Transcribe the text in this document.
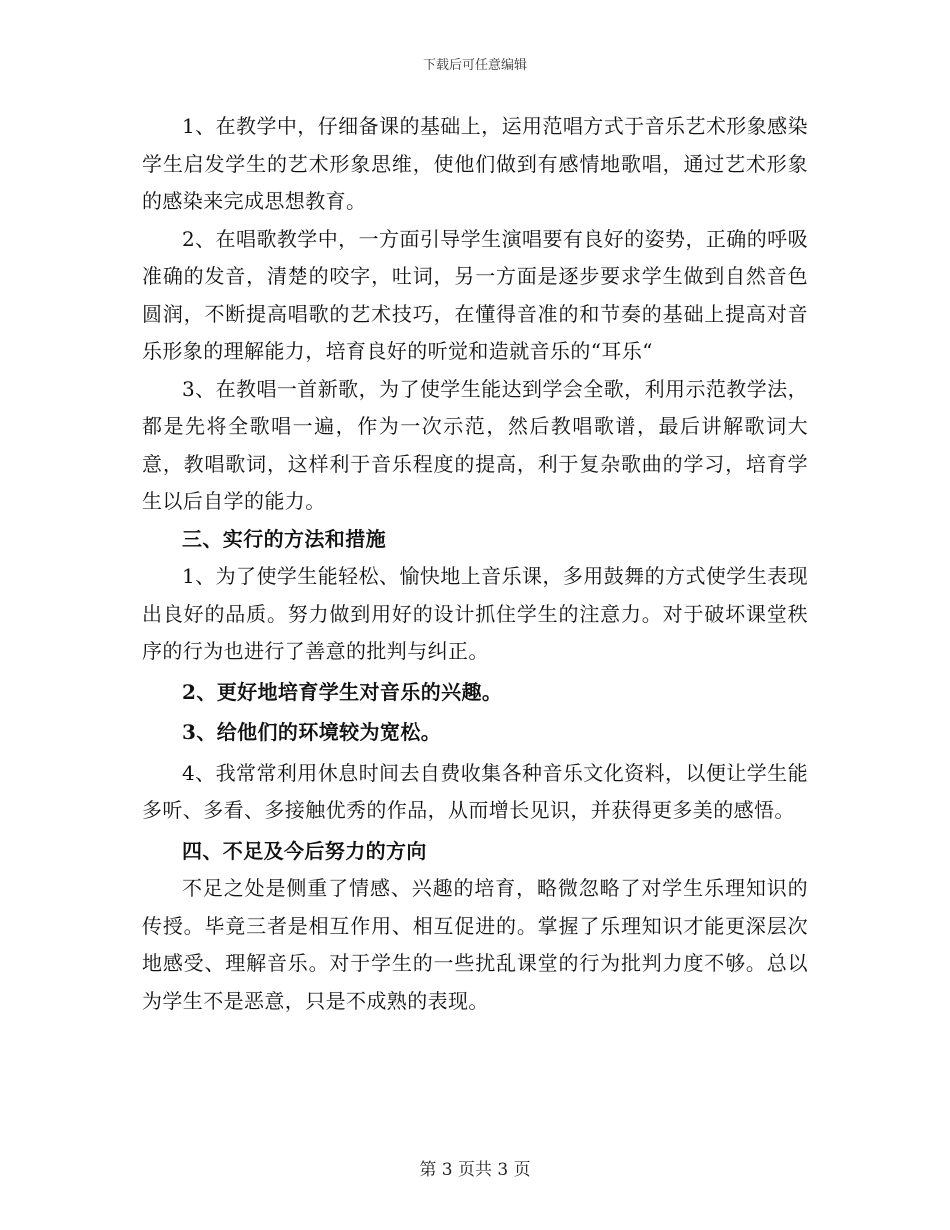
下载后可任意编辑

1、在教学中，仔细备课的基础上，运用范唱方式于音乐艺术形象感染学生启发学生的艺术形象思维，使他们做到有感情地歌唱，通过艺术形象的感染来完成思想教育。

2、在唱歌教学中，一方面引导学生演唱要有良好的姿势，正确的呼吸准确的发音，清楚的咬字，吐词，另一方面是逐步要求学生做到自然音色圆润，不断提高唱歌的艺术技巧，在懂得音准的和节奏的基础上提高对音乐形象的理解能力，培育良好的听觉和造就音乐的“耳乐“

3、在教唱一首新歌，为了使学生能达到学会全歌，利用示范教学法，都是先将全歌唱一遍，作为一次示范，然后教唱歌谱，最后讲解歌词大意，教唱歌词，这样利于音乐程度的提高，利于复杂歌曲的学习，培育学生以后自学的能力。

三、实行的方法和措施

1、为了使学生能轻松、愉快地上音乐课，多用鼓舞的方式使学生表现出良好的品质。努力做到用好的设计抓住学生的注意力。对于破坏课堂秩序的行为也进行了善意的批判与纠正。

2、更好地培育学生对音乐的兴趣。

3、给他们的环境较为宽松。

4、我常常利用休息时间去自费收集各种音乐文化资料，以便让学生能多听、多看、多接触优秀的作品，从而增长见识，并获得更多美的感悟。

四、不足及今后努力的方向

不足之处是侧重了情感、兴趣的培育，略微忽略了对学生乐理知识的传授。毕竟三者是相互作用、相互促进的。掌握了乐理知识才能更深层次地感受、理解音乐。对于学生的一些扰乱课堂的行为批判力度不够。总以为学生不是恶意，只是不成熟的表现。

第 3 页共 3 页
